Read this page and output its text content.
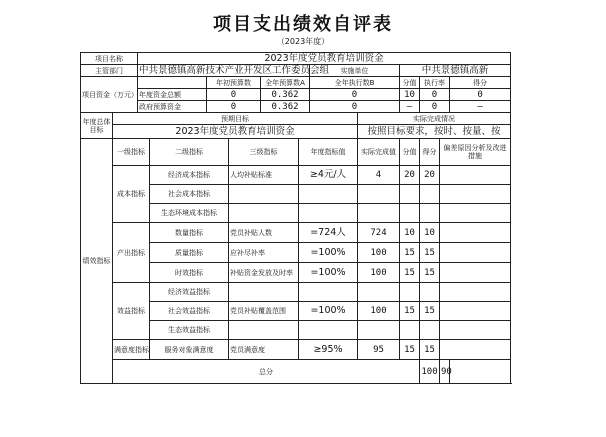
项目支出绩效自评表
（2023年度）
项目名称		2023年度党员教育培训资金											
主管部门		中共景德镇高新技术产业开发区工作委员会组						实施单位		中共景德镇高新			
项目资金（万元）				年初预算数		全年预算数A		全年执行数B		分值	执行率		得分
		年度资金总额		0		0.362		0		10	0		0
		政府预算资金		0		0.362		0		—	0		—
年度总体目标	预期目标								实际完成情况				
	2023年度党员教育培训资金								按照目标要求，按时、按量、按				
绩效指标	一级指标		二级指标		三级指标		年度指标值		实际完成值	分值	得分	偏差原因分析及改进措施	
	成本指标		经济成本指标		人均补贴标准		≥4元/人		4	20	20		
			社会成本指标										
			生态环境成本指标										
	产出指标		数量指标		党员补贴人数		=724人		724	10	10		
			质量指标		应补尽补率		=100%		100	15	15		
			时效指标		补贴资金发放及时率		=100%		100	15	15		
	效益指标		经济效益指标										
			社会效益指标		党员补贴覆盖范围		=100%		100	15	15		
			生态效益指标										
	满意度指标		服务对象满意度		党员满意度		≥95%		95	15	15		
	总分										100	90	
